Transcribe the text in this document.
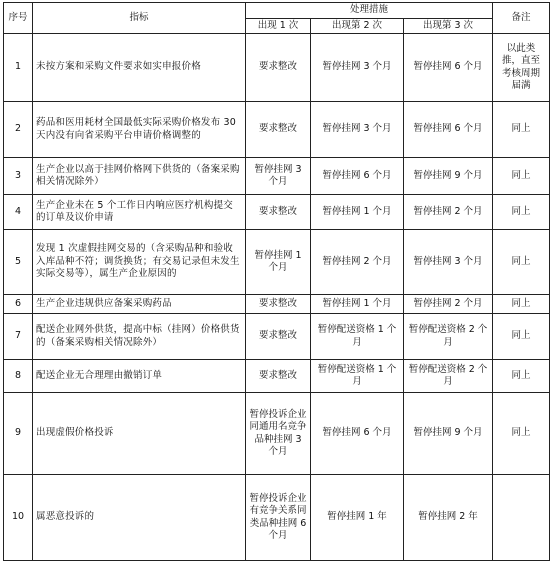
序号	指标	处理措施			备注
		出现 1 次	出现第 2 次	出现第 3 次	
1	未按方案和采购文件要求如实申报价格	要求整改	暂停挂网 3 个月	暂停挂网 6 个月	以此类推，直至考核周期届满
2	药品和医用耗材全国最低实际采购价格发布 30 天内没有向省采购平台申请价格调整的	要求整改	暂停挂网 3 个月	暂停挂网 6 个月	同上
3	生产企业以高于挂网价格网下供货的（备案采购相关情况除外）	暂停挂网 3 个月	暂停挂网 6 个月	暂停挂网 9 个月	同上
4	生产企业未在 5 个工作日内响应医疗机构提交的订单及议价申请	要求整改	暂停挂网 1 个月	暂停挂网 2 个月	同上
5	发现 1 次虚假挂网交易的（含采购品种和验收入库品种不符；调货换货；有交易记录但未发生实际交易等），属生产企业原因的	暂停挂网 1 个月	暂停挂网 2 个月	暂停挂网 3 个月	同上
6	生产企业违规供应备案采购药品	要求整改	暂停挂网 1 个月	暂停挂网 2 个月	同上
7	配送企业网外供货，提高中标（挂网）价格供货的（备案采购相关情况除外）	要求整改	暂停配送资格 1 个月	暂停配送资格 2 个月	同上
8	配送企业无合理理由撤销订单	要求整改	暂停配送资格 1 个月	暂停配送资格 2 个月	同上
9	出现虚假价格投诉	暂停投诉企业同通用名竞争品种挂网 3 个月	暂停挂网 6 个月	暂停挂网 9 个月	同上
10	属恶意投诉的	暂停投诉企业有竞争关系同类品种挂网 6 个月	暂停挂网 1 年	暂停挂网 2 年	
